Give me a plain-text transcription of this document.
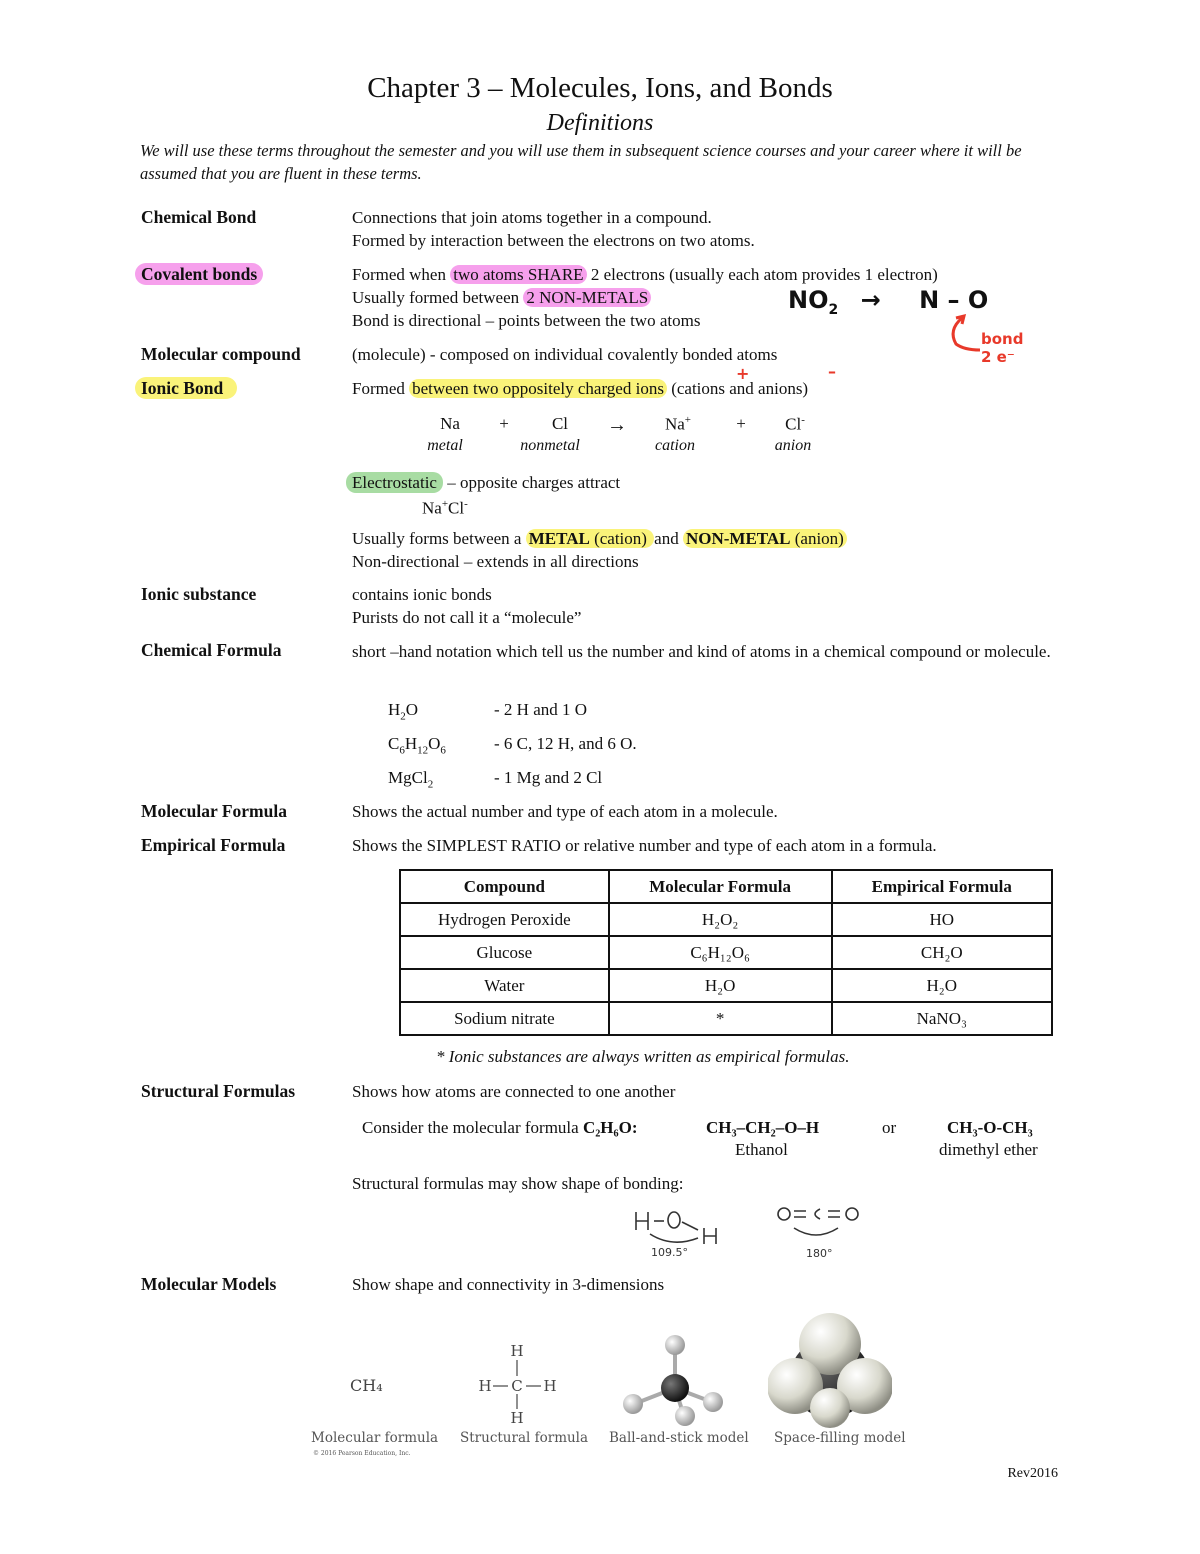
Chapter 3 – Molecules, Ions, and Bonds
Definitions
We will use these terms throughout the semester and you will use them in subsequent science courses and your career where it will be assumed that you are fluent in these terms.
Chemical Bond	Connections that join atoms together in a compound.
Formed by interaction between the electrons on two atoms.
Covalent bonds	Formed when two atoms SHARE 2 electrons (usually each atom provides 1 electron)
Usually formed between 2 NON-METALS
Bond is directional – points between the two atoms
$NO_2 \to N - O$
bond
2 e⁻
Molecular compound	(molecule) - composed on individual covalently bonded atoms
Ionic Bond	Formed between two oppositely charged ions (cations and anions)
+	–
Na	+	Cl	→	Na+	+	Cl-
metal	nonmetal	cation	anion
Electrostatic – opposite charges attract
Na+Cl-
Usually forms between a METAL (cation) and NON-METAL (anion)
Non-directional – extends in all directions
Ionic substance	contains ionic bonds
Purists do not call it a “molecule”
Chemical Formula	short –hand notation which tell us the number and kind of atoms in a chemical compound or molecule.
$H_2O$	- 2 H and 1 O
$C_6H_{12}O_6$	- 6 C, 12 H, and 6 O.
MgCl$_2$	- 1 Mg and 2 Cl
Molecular Formula	Shows the actual number and type of each atom in a molecule.
Empirical Formula	Shows the SIMPLEST RATIO or relative number and type of each atom in a formula.
Compound	Molecular Formula	Empirical Formula
Hydrogen Peroxide	H₂O₂	HO
Glucose	C₆H₁₂O₆	CH₂O
Water	H₂O	H₂O
Sodium nitrate	*	NaNO₃
* Ionic substances are always written as empirical formulas.
Structural Formulas	Shows how atoms are connected to one another
Consider the molecular formula C₂H₆O:	CH₃–CH₂–O–H
Ethanol
or	CH₃-O-CH₃
dimethyl ether
Structural formulas may show shape of bonding:
109.5°	180°
Molecular Models	Show shape and connectivity in 3-dimensions
CH₄
H
C
H	H
H
Molecular formula Structural formula Ball-and-stick model Space-filling model
© 2016 Pearson Education, Inc.
Rev2016
